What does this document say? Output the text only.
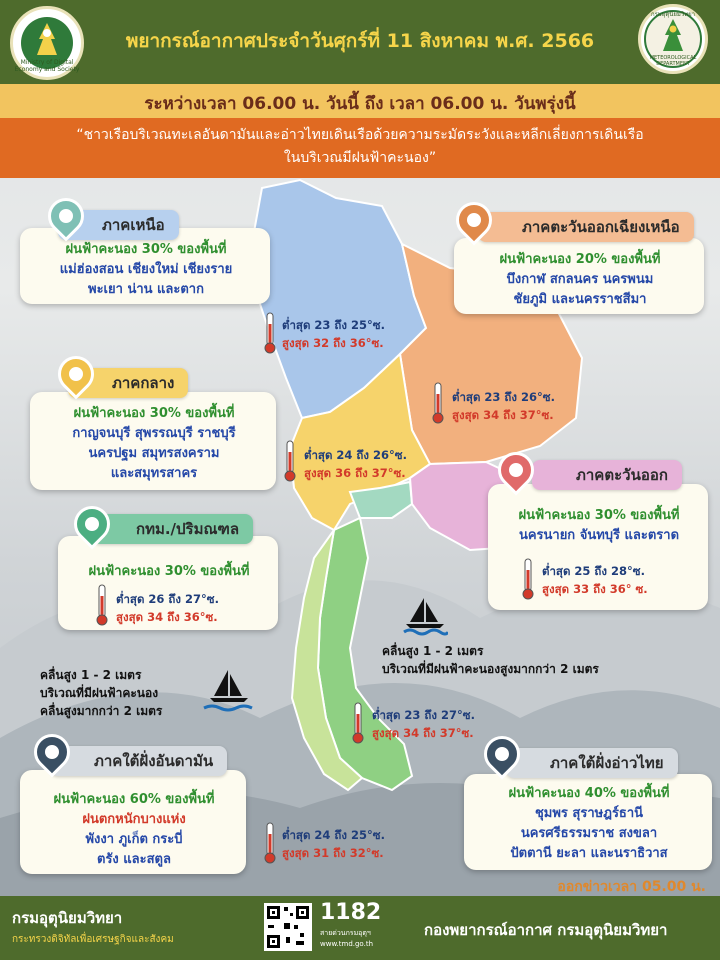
Ministry of Digital Economy and Society
พยากรณ์อากาศประจำวันศุกร์ที่ 11 สิงหาคม พ.ศ. 2566
กรมอุตุนิยมวิทยา
METEOROLOGICAL DEPARTMENT
ระหว่างเวลา 06.00 น. วันนี้ ถึง เวลา 06.00 น. วันพรุ่งนี้
“ชาวเรือบริเวณทะเลอันดามันและอ่าวไทยเดินเรือด้วยความระมัดระวังและหลีกเลี่ยงการเดินเรือ
ในบริเวณมีฝนฟ้าคะนอง”
ฝนฟ้าคะนอง 30% ของพื้นที่
แม่ฮ่องสอน เชียงใหม่ เชียงราย
พะเยา น่าน และตาก
ภาคเหนือ
ต่ำสุด 23 ถึง 25°ซ.
สูงสุด 32 ถึง 36°ซ.
ฝนฟ้าคะนอง 20% ของพื้นที่
บึงกาฬ สกลนคร นครพนม
ชัยภูมิ และนครราชสีมา
ภาคตะวันออกเฉียงเหนือ
ต่ำสุด 23 ถึง 26°ซ.
สูงสุด 34 ถึง 37°ซ.
ฝนฟ้าคะนอง 30% ของพื้นที่
กาญจนบุรี สุพรรณบุรี ราชบุรี
นครปฐม สมุทรสงคราม
และสมุทรสาคร
ภาคกลาง
ต่ำสุด 24 ถึง 26°ซ.
สูงสุด 36 ถึง 37°ซ.
ฝนฟ้าคะนอง 30% ของพื้นที่
กทม./ปริมณฑล
ต่ำสุด 26 ถึง 27°ซ.
สูงสุด 34 ถึง 36°ซ.
ฝนฟ้าคะนอง 30% ของพื้นที่
นครนายก จันทบุรี และตราด
ภาคตะวันออก
ต่ำสุด 25 ถึง 28°ซ.
สูงสุด 33 ถึง 36° ซ.
คลื่นสูง 1 - 2 เมตร
บริเวณที่มีฝนฟ้าคะนองสูงมากกว่า 2 เมตร
คลื่นสูง 1 - 2 เมตร
บริเวณที่มีฝนฟ้าคะนอง
คลื่นสูงมากกว่า 2 เมตร	ต่ำสุด 23 ถึง 27°ซ.
สูงสุด 34 ถึง 37°ซ.
ฝนฟ้าคะนอง 60% ของพื้นที่
ฝนตกหนักบางแห่ง
พังงา ภูเก็ต กระบี่
ตรัง และสตูล
ภาคใต้ฝั่งอันดามัน
ต่ำสุด 24 ถึง 25°ซ.
สูงสุด 31 ถึง 32°ซ.
ฝนฟ้าคะนอง 40% ของพื้นที่
ชุมพร สุราษฎร์ธานี
นครศรีธรรมราช สงขลา
ปัตตานี ยะลา และนราธิวาส
ภาคใต้ฝั่งอ่าวไทย
ออกข่าวเวลา 05.00 น.
กรมอุตุนิยมวิทยา
กระทรวงดิจิทัลเพื่อเศรษฐกิจและสังคม
1182
สายด่วนกรมอุตุฯ
www.tmd.go.th
กองพยากรณ์อากาศ กรมอุตุนิยมวิทยา
